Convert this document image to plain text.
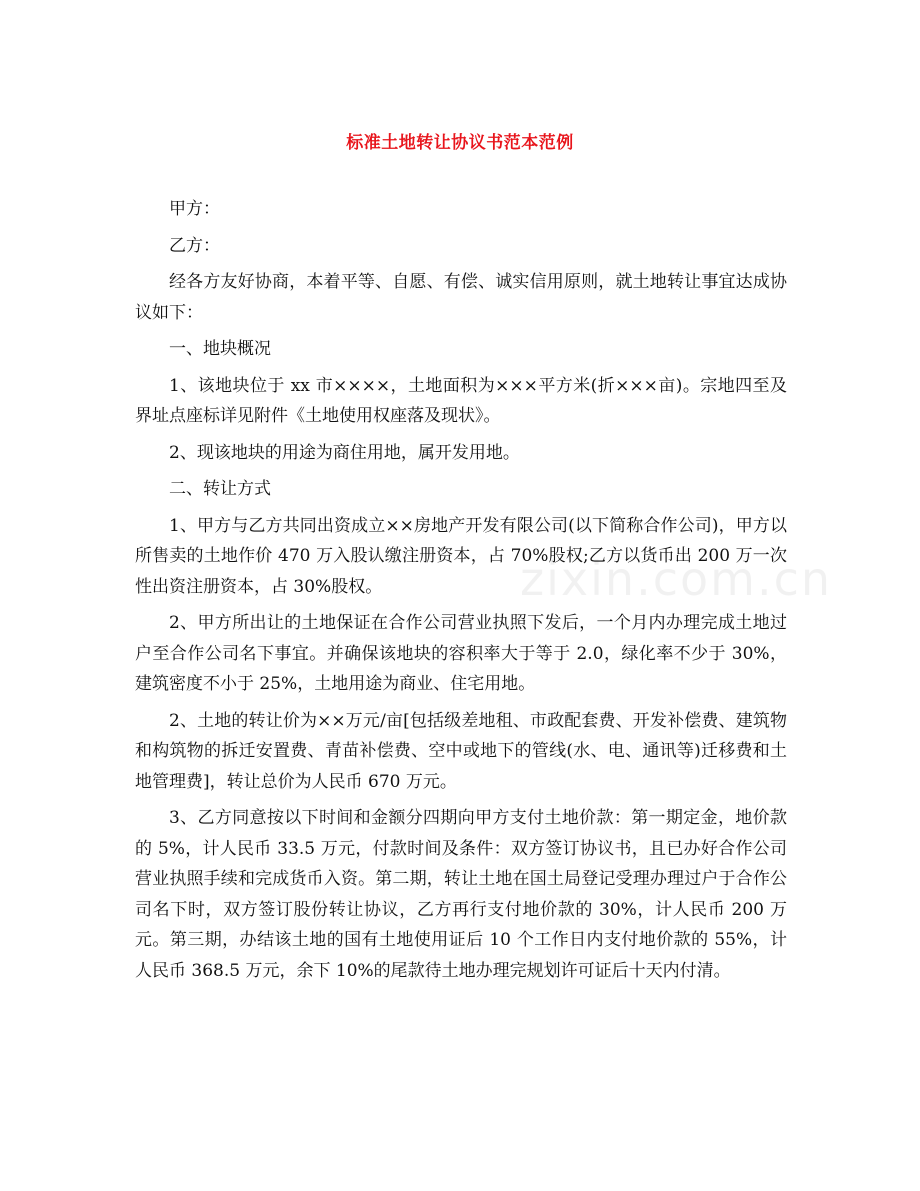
标准土地转让协议书范本范例

甲方：

乙方：

经各方友好协商，本着平等、自愿、有偿、诚实信用原则，就土地转让事宜达成协议如下：

一、地块概况

1、该地块位于 xx 市××××，土地面积为×××平方米(折×××亩)。宗地四至及界址点座标详见附件《土地使用权座落及现状》。

2、现该地块的用途为商住用地，属开发用地。

二、转让方式

1、甲方与乙方共同出资成立××房地产开发有限公司(以下简称合作公司)，甲方以所售卖的土地作价 470 万入股认缴注册资本，占 70%股权;乙方以货币出 200 万一次性出资注册资本，占 30%股权。

2、甲方所出让的土地保证在合作公司营业执照下发后，一个月内办理完成土地过户至合作公司名下事宜。并确保该地块的容积率大于等于 2.0，绿化率不少于 30%，建筑密度不小于 25%，土地用途为商业、住宅用地。

2、土地的转让价为××万元/亩[包括级差地租、市政配套费、开发补偿费、建筑物和构筑物的拆迁安置费、青苗补偿费、空中或地下的管线(水、电、通讯等)迁移费和土地管理费]，转让总价为人民币 670 万元。

3、乙方同意按以下时间和金额分四期向甲方支付土地价款：第一期定金，地价款的 5%，计人民币 33.5 万元，付款时间及条件：双方签订协议书，且已办好合作公司营业执照手续和完成货币入资。第二期，转让土地在国土局登记受理办理过户于合作公司名下时，双方签订股份转让协议，乙方再行支付地价款的 30%，计人民币 200 万元。第三期，办结该土地的国有土地使用证后 10 个工作日内支付地价款的 55%，计人民币 368.5 万元，余下 10%的尾款待土地办理完规划许可证后十天内付清。

zixin.com.cn
